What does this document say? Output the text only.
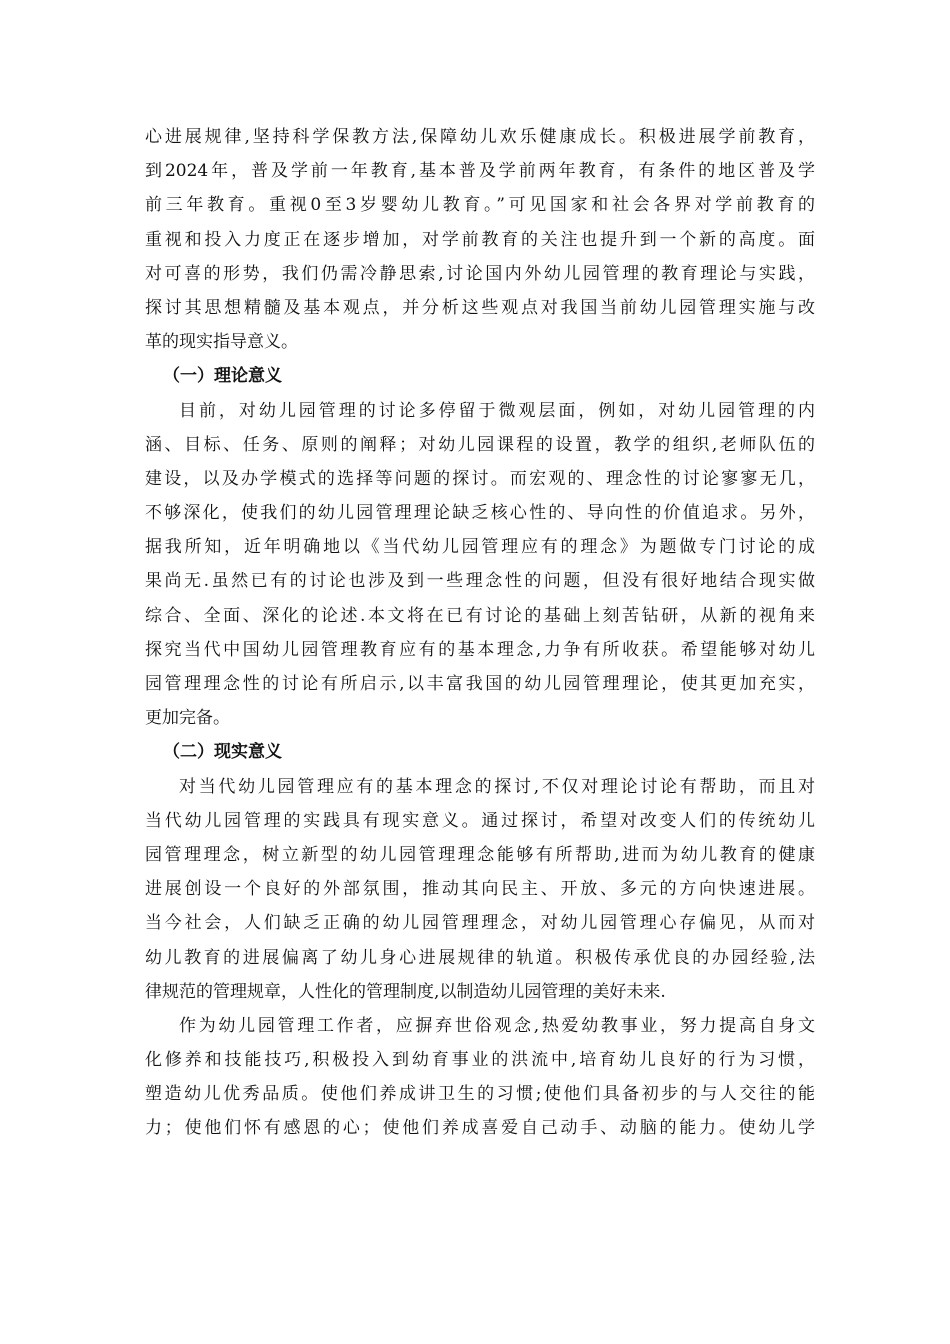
心进展规律,坚持科学保教方法,保障幼儿欢乐健康成长。积极进展学前教育，
到2024年，普及学前一年教育,基本普及学前两年教育，有条件的地区普及学
前三年教育。重视0至3岁婴幼儿教育。”可见国家和社会各界对学前教育的
重视和投入力度正在逐步增加，对学前教育的关注也提升到一个新的高度。面
对可喜的形势，我们仍需冷静思索,讨论国内外幼儿园管理的教育理论与实践，
探讨其思想精髓及基本观点，并分析这些观点对我国当前幼儿园管理实施与改
革的现实指导意义。
（一）理论意义
目前，对幼儿园管理的讨论多停留于微观层面，例如，对幼儿园管理的内
涵、目标、任务、原则的阐释；对幼儿园课程的设置，教学的组织,老师队伍的
建设，以及办学模式的选择等问题的探讨。而宏观的、理念性的讨论寥寥无几，
不够深化，使我们的幼儿园管理理论缺乏核心性的、导向性的价值追求。另外，
据我所知，近年明确地以《当代幼儿园管理应有的理念》为题做专门讨论的成
果尚无.虽然已有的讨论也涉及到一些理念性的问题，但没有很好地结合现实做
综合、全面、深化的论述.本文将在已有讨论的基础上刻苦钻研，从新的视角来
探究当代中国幼儿园管理教育应有的基本理念,力争有所收获。希望能够对幼儿
园管理理念性的讨论有所启示,以丰富我国的幼儿园管理理论，使其更加充实，
更加完备。
（二）现实意义
对当代幼儿园管理应有的基本理念的探讨,不仅对理论讨论有帮助，而且对
当代幼儿园管理的实践具有现实意义。通过探讨，希望对改变人们的传统幼儿
园管理理念，树立新型的幼儿园管理理念能够有所帮助,进而为幼儿教育的健康
进展创设一个良好的外部氛围，推动其向民主、开放、多元的方向快速进展。
当今社会，人们缺乏正确的幼儿园管理理念，对幼儿园管理心存偏见，从而对
幼儿教育的进展偏离了幼儿身心进展规律的轨道。积极传承优良的办园经验,法
律规范的管理规章，人性化的管理制度,以制造幼儿园管理的美好未来.
作为幼儿园管理工作者，应摒弃世俗观念,热爱幼教事业，努力提高自身文
化修养和技能技巧,积极投入到幼育事业的洪流中,培育幼儿良好的行为习惯，
塑造幼儿优秀品质。使他们养成讲卫生的习惯;使他们具备初步的与人交往的能
力；使他们怀有感恩的心；使他们养成喜爱自己动手、动脑的能力。使幼儿学
